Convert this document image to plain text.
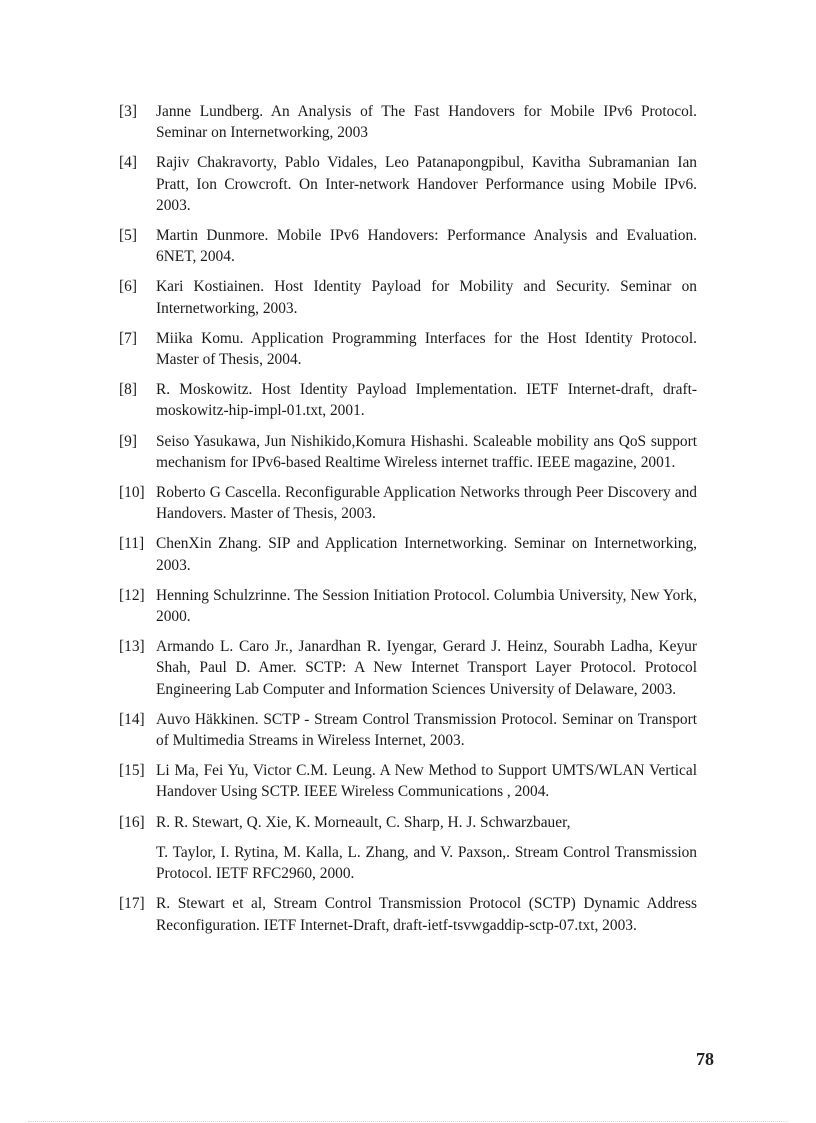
[3]	Janne Lundberg. An Analysis of The Fast Handovers for Mobile IPv6 Protocol. Seminar on Internetworking, 2003
[4]	Rajiv Chakravorty, Pablo Vidales, Leo Patanapongpibul, Kavitha Subramanian Ian Pratt, Ion Crowcroft. On Inter-network Handover Performance using Mobile IPv6. 2003.
[5]	Martin Dunmore. Mobile IPv6 Handovers: Performance Analysis and Evaluation. 6NET, 2004.
[6]	Kari Kostiainen. Host Identity Payload for Mobility and Security. Seminar on Internetworking, 2003.
[7]	Miika Komu. Application Programming Interfaces for the Host Identity Protocol. Master of Thesis, 2004.
[8]	R. Moskowitz. Host Identity Payload Implementation. IETF Internet-draft, draft-moskowitz-hip-impl-01.txt, 2001.
[9]	Seiso Yasukawa, Jun Nishikido,Komura Hishashi. Scaleable mobility ans QoS support mechanism for IPv6-based Realtime Wireless internet traffic. IEEE magazine, 2001.
[10] Roberto G Cascella. Reconfigurable Application Networks through Peer Discovery and Handovers. Master of Thesis, 2003.
[11] ChenXin Zhang. SIP and Application Internetworking. Seminar on Internetworking, 2003.
[12] Henning Schulzrinne. The Session Initiation Protocol. Columbia University, New York, 2000.
[13] Armando L. Caro Jr., Janardhan R. Iyengar, Gerard J. Heinz, Sourabh Ladha, Keyur Shah, Paul D. Amer. SCTP: A New Internet Transport Layer Protocol. Protocol Engineering Lab Computer and Information Sciences University of Delaware, 2003.
[14] Auvo Häkkinen. SCTP - Stream Control Transmission Protocol. Seminar on Transport of Multimedia Streams in Wireless Internet, 2003.
[15] Li Ma, Fei Yu, Victor C.M. Leung. A New Method to Support UMTS/WLAN Vertical Handover Using SCTP. IEEE Wireless Communications , 2004.
[16] R. R. Stewart, Q. Xie, K. Morneault, C. Sharp, H. J. Schwarzbauer,
T. Taylor, I. Rytina, M. Kalla, L. Zhang, and V. Paxson,. Stream Control Transmission Protocol. IETF RFC2960, 2000.
[17] R. Stewart et al, Stream Control Transmission Protocol (SCTP) Dynamic Address Reconfiguration. IETF Internet-Draft, draft-ietf-tsvwgaddip-sctp-07.txt, 2003.
78
